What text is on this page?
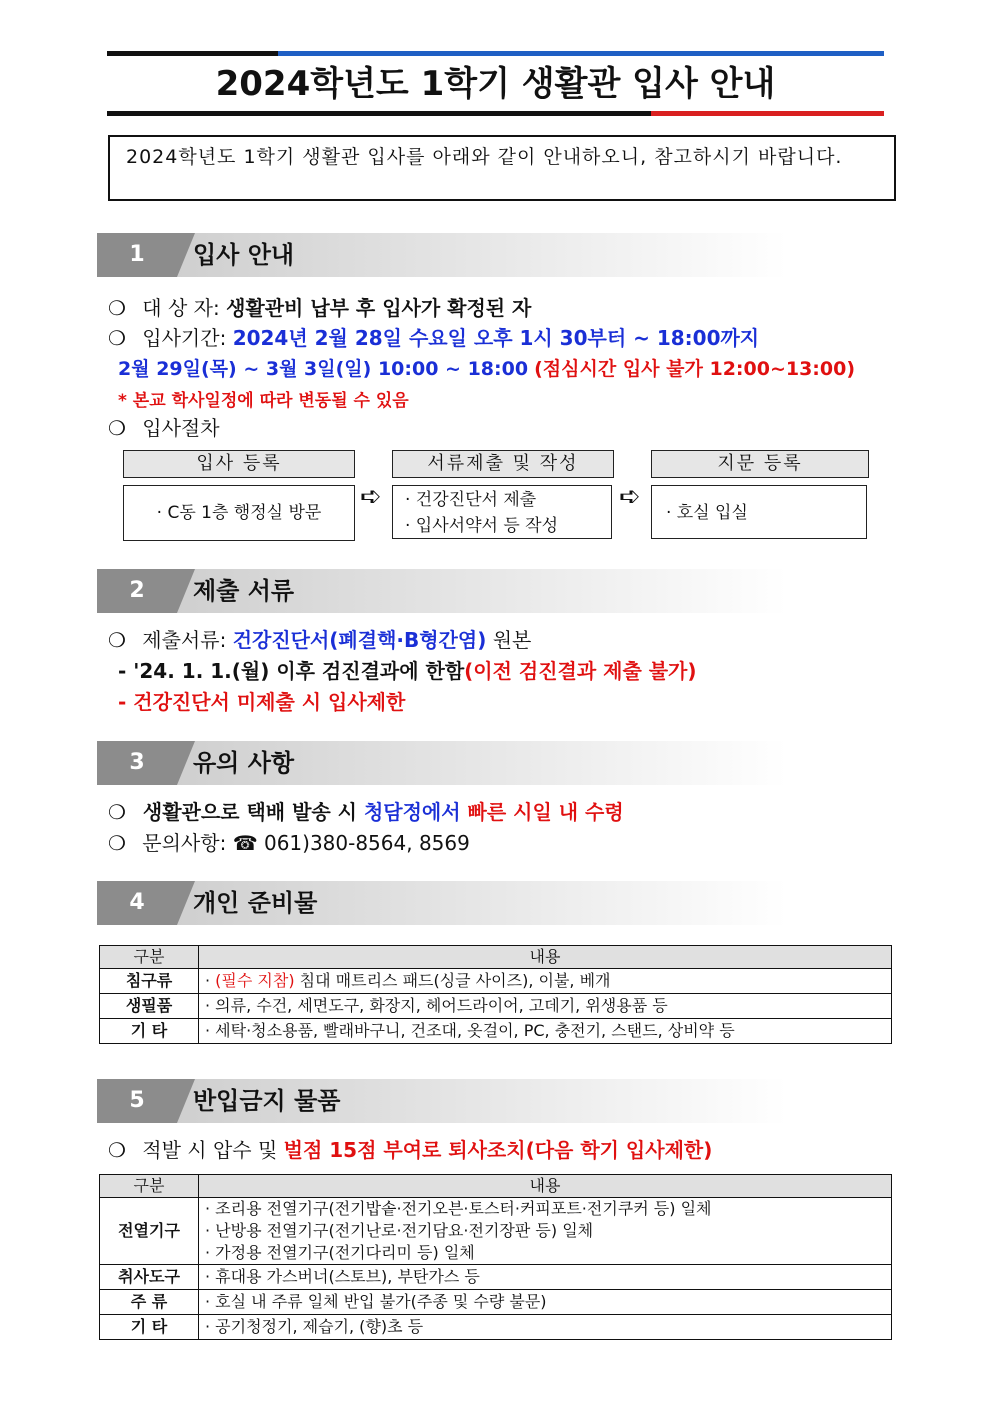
2024학년도 1학기 생활관 입사 안내
2024학년도 1학기 생활관 입사를 아래와 같이 안내하오니, 참고하시기 바랍니다.
1	입사 안내
❍ 대 상 자: 생활관비 납부 후 입사가 확정된 자
❍ 입사기간: 2024년 2월 28일 수요일 오후 1시 30부터 ~ 18:00까지
2월 29일(목) ~ 3월 3일(일) 10:00 ~ 18:00 (점심시간 입사 불가 12:00~13:00)
* 본교 학사일정에 따라 변동될 수 있음
❍ 입사절차
입사 등록
· C동 1층 행정실 방문
➪
서류제출 및 작성
· 건강진단서 제출
· 입사서약서 등 작성
➪
지문 등록
· 호실 입실
2	제출 서류
❍ 제출서류: 건강진단서(폐결핵·B형간염) 원본
- '24. 1. 1.(월) 이후 검진결과에 한함(이전 검진결과 제출 불가)
- 건강진단서 미제출 시 입사제한
3	유의 사항
❍ 생활관으로 택배 발송 시 청담정에서 빠른 시일 내 수령
❍ 문의사항: ☎ 061)380-8564, 8569
4	개인 준비물
구분	내용
침구류	· (필수 지참) 침대 매트리스 패드(싱글 사이즈), 이불, 베개
생필품	· 의류, 수건, 세면도구, 화장지, 헤어드라이어, 고데기, 위생용품 등
기 타	· 세탁·청소용품, 빨래바구니, 건조대, 옷걸이, PC, 충전기, 스탠드, 상비약 등
5	반입금지 물품
❍ 적발 시 압수 및 벌점 15점 부여로 퇴사조치(다음 학기 입사제한)
구분	내용
전열기구	· 조리용 전열기구(전기밥솥·전기오븐·토스터·커피포트·전기쿠커 등) 일체
· 난방용 전열기구(전기난로·전기담요·전기장판 등) 일체
· 가정용 전열기구(전기다리미 등) 일체

취사도구	· 휴대용 가스버너(스토브), 부탄가스 등
주 류	· 호실 내 주류 일체 반입 불가(주종 및 수량 불문)
기 타	· 공기청정기, 제습기, (향)초 등
